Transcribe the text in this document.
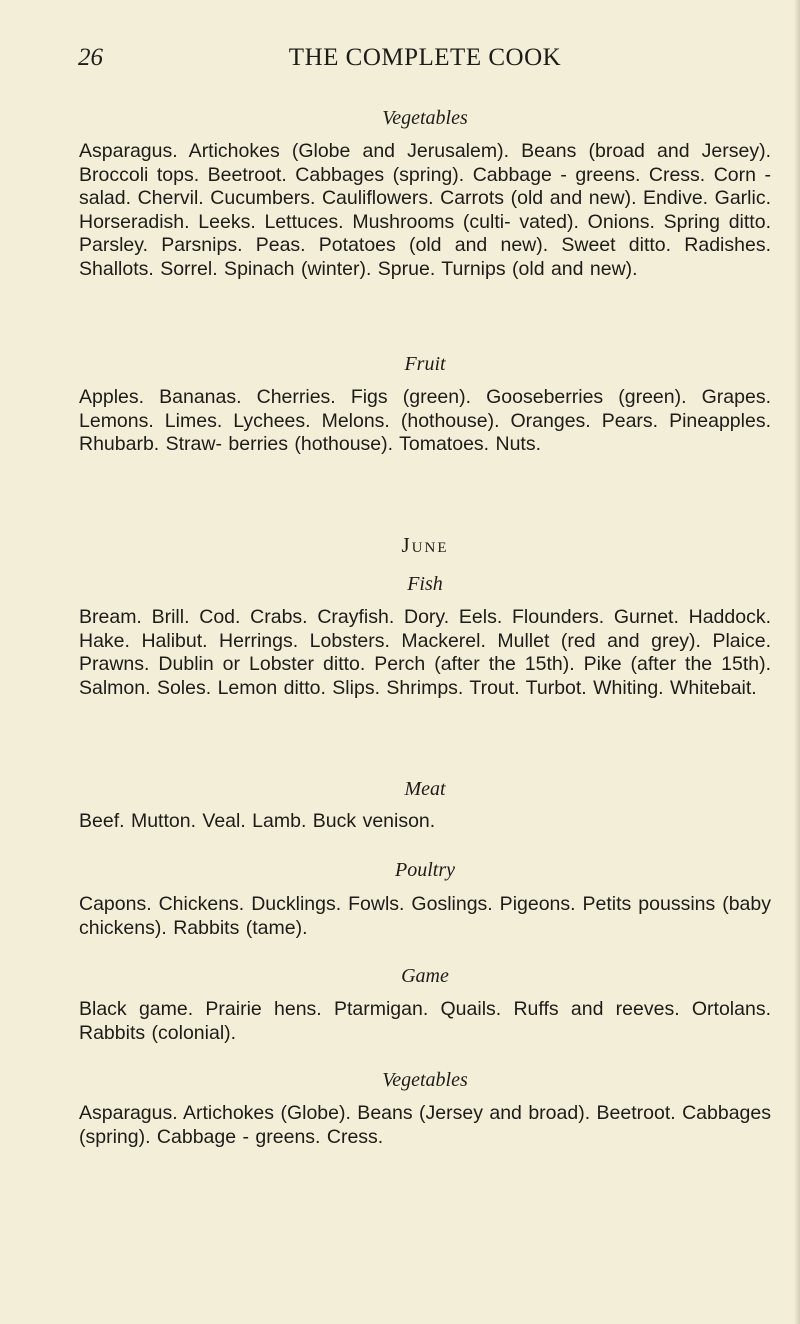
26	THE COMPLETE COOK
Vegetables
Asparagus. Artichokes (Globe and Jerusalem). Beans (broad and Jersey). Broccoli tops. Beetroot. Cabbages (spring). Cabbage - greens. Cress. Corn - salad. Chervil. Cucumbers. Cauliflowers. Carrots (old and new). Endive. Garlic. Horseradish. Leeks. Lettuces. Mushrooms (culti- vated). Onions. Spring ditto. Parsley. Parsnips. Peas. Potatoes (old and new). Sweet ditto. Radishes. Shallots. Sorrel. Spinach (winter). Sprue. Turnips (old and new).
Fruit
Apples. Bananas. Cherries. Figs (green). Gooseberries (green). Grapes. Lemons. Limes. Lychees. Melons. (hothouse). Oranges. Pears. Pineapples. Rhubarb. Straw- berries (hothouse). Tomatoes. Nuts.
June
Fish
Bream. Brill. Cod. Crabs. Crayfish. Dory. Eels. Flounders. Gurnet. Haddock. Hake. Halibut. Herrings. Lobsters. Mackerel. Mullet (red and grey). Plaice. Prawns. Dublin or Lobster ditto. Perch (after the 15th). Pike (after the 15th). Salmon. Soles. Lemon ditto. Slips. Shrimps. Trout. Turbot. Whiting. Whitebait.
Meat
Beef. Mutton. Veal. Lamb. Buck venison.
Poultry
Capons. Chickens. Ducklings. Fowls. Goslings. Pigeons. Petits poussins (baby chickens). Rabbits (tame).
Game
Black game. Prairie hens. Ptarmigan. Quails. Ruffs and reeves. Ortolans. Rabbits (colonial).
Vegetables
Asparagus. Artichokes (Globe). Beans (Jersey and broad). Beetroot. Cabbages (spring). Cabbage - greens. Cress.
